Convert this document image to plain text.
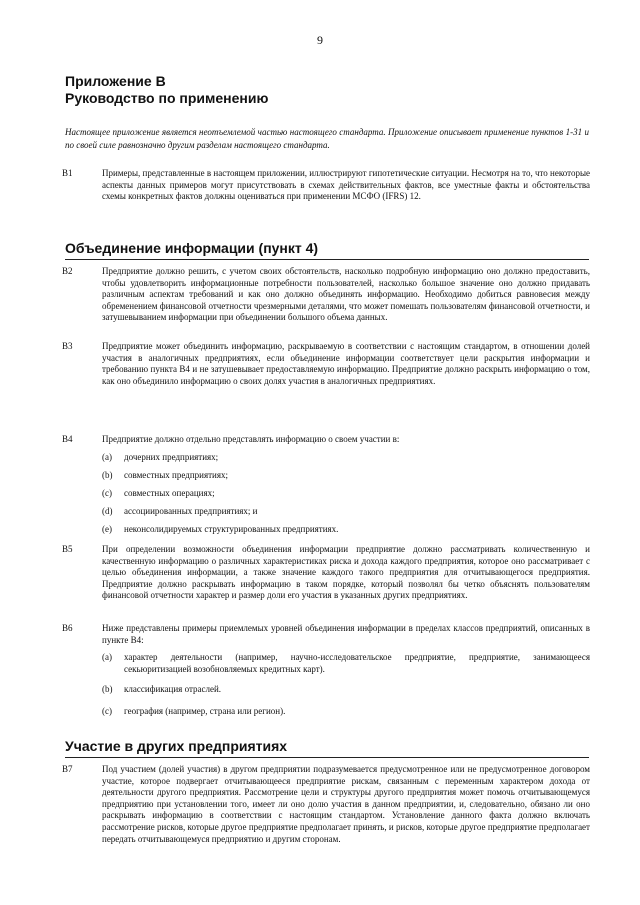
9
Приложение В
Руководство по применению
Настоящее приложение является неотъемлемой частью настоящего стандарта. Приложение описывает применение пунктов 1-31 и по своей силе равнозначно другим разделам настоящего стандарта.
B1	Примеры, представленные в настоящем приложении, иллюстрируют гипотетические ситуации. Несмотря на то, что некоторые аспекты данных примеров могут присутствовать в схемах действительных фактов, все уместные факты и обстоятельства схемы конкретных фактов должны оцениваться при применении МСФО (IFRS) 12.
Объединение информации (пункт 4)
B2	Предприятие должно решить, с учетом своих обстоятельств, насколько подробную информацию оно должно предоставить, чтобы удовлетворить информационные потребности пользователей, насколько большое значение оно должно придавать различным аспектам требований и как оно должно объединять информацию. Необходимо добиться равновесия между обременением финансовой отчетности чрезмерными деталями, что может помешать пользователям финансовой отчетности, и затушевыванием информации при объединении большого объема данных.
B3	Предприятие может объединить информацию, раскрываемую в соответствии с настоящим стандартом, в отношении долей участия в аналогичных предприятиях, если объединение информации соответствует цели раскрытия информации и требованию пункта В4 и не затушевывает предоставляемую информацию. Предприятие должно раскрыть информацию о том, как оно объединило информацию о своих долях участия в аналогичных предприятиях.
B4	Предприятие должно отдельно представлять информацию о своем участии в:
(a)	дочерних предприятиях;
(b)	совместных предприятиях;
(c)	совместных операциях;
(d)	ассоциированных предприятиях; и
(e)	неконсолидируемых структурированных предприятиях.
B5	При определении возможности объединения информации предприятие должно рассматривать количественную и качественную информацию о различных характеристиках риска и дохода каждого предприятия, которое оно рассматривает с целью объединения информации, а также значение каждого такого предприятия для отчитывающегося предприятия. Предприятие должно раскрывать информацию в таком порядке, который позволял бы четко объяснять пользователям финансовой отчетности характер и размер доли его участия в указанных других предприятиях.
B6	Ниже представлены примеры приемлемых уровней объединения информации в пределах классов предприятий, описанных в пункте В4:
(a)	характер деятельности (например, научно-исследовательское предприятие, предприятие, занимающееся секьюритизацией возобновляемых кредитных карт).
(b)	классификация отраслей.
(c)	география (например, страна или регион).
Участие в других предприятиях
B7	Под участием (долей участия) в другом предприятии подразумевается предусмотренное или не предусмотренное договором участие, которое подвергает отчитывающееся предприятие рискам, связанным с переменным характером дохода от деятельности другого предприятия. Рассмотрение цели и структуры другого предприятия может помочь отчитывающемуся предприятию при установлении того, имеет ли оно долю участия в данном предприятии, и, следовательно, обязано ли оно раскрывать информацию в соответствии с настоящим стандартом. Установление данного факта должно включать рассмотрение рисков, которые другое предприятие предполагает принять, и рисков, которые другое предприятие предполагает передать отчитывающемуся предприятию и другим сторонам.
